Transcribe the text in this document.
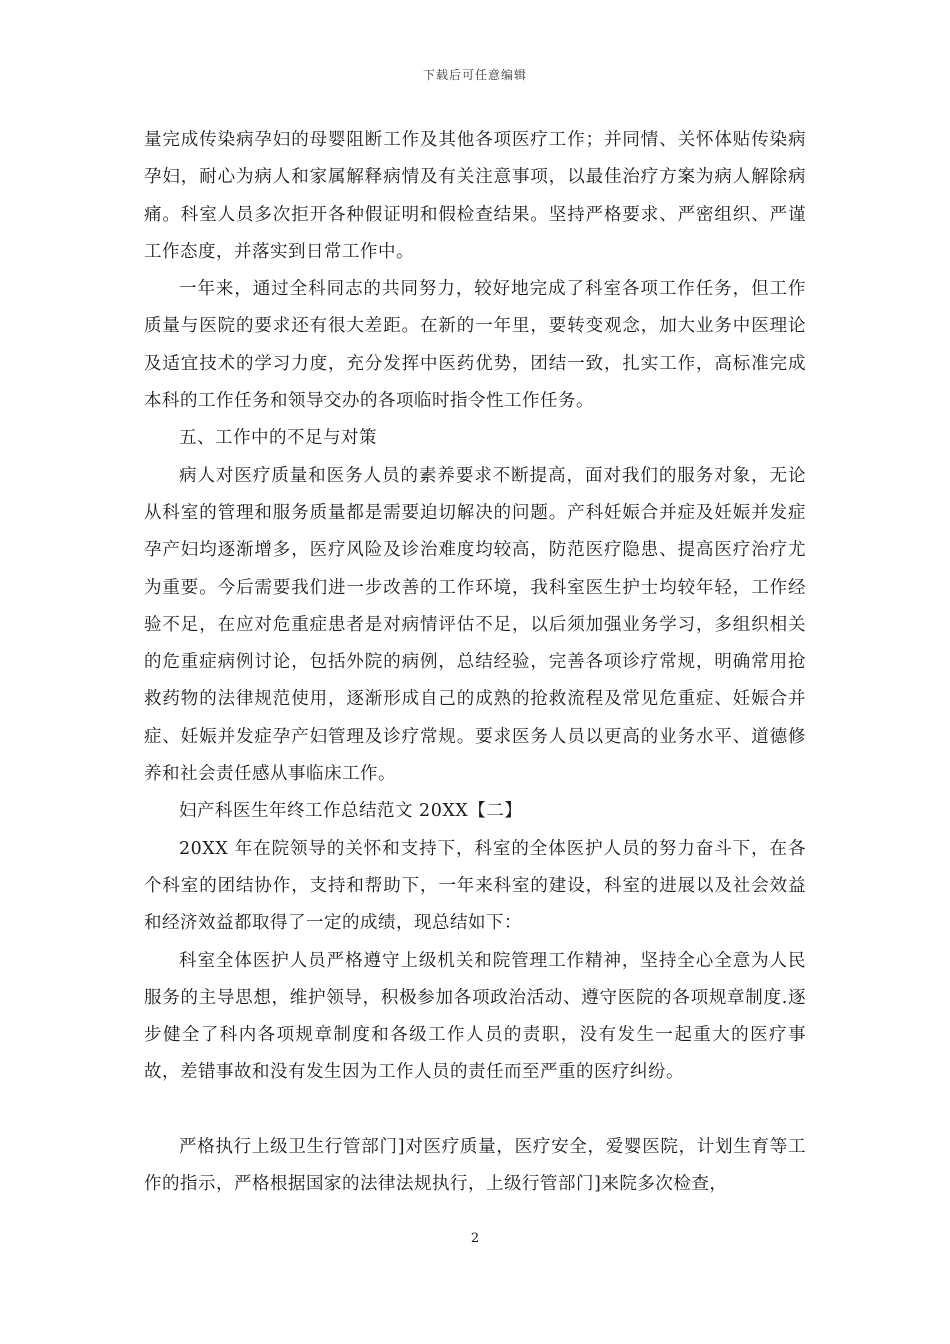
下载后可任意编辑

量完成传染病孕妇的母婴阻断工作及其他各项医疗工作；并同情、关怀体贴传染病孕妇，耐心为病人和家属解释病情及有关注意事项，以最佳治疗方案为病人解除病痛。科室人员多次拒开各种假证明和假检查结果。坚持严格要求、严密组织、严谨工作态度，并落实到日常工作中。

一年来，通过全科同志的共同努力，较好地完成了科室各项工作任务，但工作质量与医院的要求还有很大差距。在新的一年里，要转变观念，加大业务中医理论及适宜技术的学习力度，充分发挥中医药优势，团结一致，扎实工作，高标准完成本科的工作任务和领导交办的各项临时指令性工作任务。

五、工作中的不足与对策

病人对医疗质量和医务人员的素养要求不断提高，面对我们的服务对象，无论从科室的管理和服务质量都是需要迫切解决的问题。产科妊娠合并症及妊娠并发症孕产妇均逐渐增多，医疗风险及诊治难度均较高，防范医疗隐患、提高医疗治疗尤为重要。今后需要我们进一步改善的工作环境，我科室医生护士均较年轻，工作经验不足，在应对危重症患者是对病情评估不足，以后须加强业务学习，多组织相关的危重症病例讨论，包括外院的病例，总结经验，完善各项诊疗常规，明确常用抢救药物的法律规范使用，逐渐形成自己的成熟的抢救流程及常见危重症、妊娠合并症、妊娠并发症孕产妇管理及诊疗常规。要求医务人员以更高的业务水平、道德修养和社会责任感从事临床工作。

妇产科医生年终工作总结范文 20XX【二】

20XX 年在院领导的关怀和支持下，科室的全体医护人员的努力奋斗下，在各个科室的团结协作，支持和帮助下，一年来科室的建设，科室的进展以及社会效益和经济效益都取得了一定的成绩，现总结如下：

科室全体医护人员严格遵守上级机关和院管理工作精神，坚持全心全意为人民服务的主导思想，维护领导，积极参加各项政治活动、遵守医院的各项规章制度.逐步健全了科内各项规章制度和各级工作人员的责职，没有发生一起重大的医疗事故，差错事故和没有发生因为工作人员的责任而至严重的医疗纠纷。

严格执行上级卫生行管部门]对医疗质量，医疗安全，爱婴医院，计划生育等工作的指示，严格根据国家的法律法规执行，上级行管部门]来院多次检查，

2
